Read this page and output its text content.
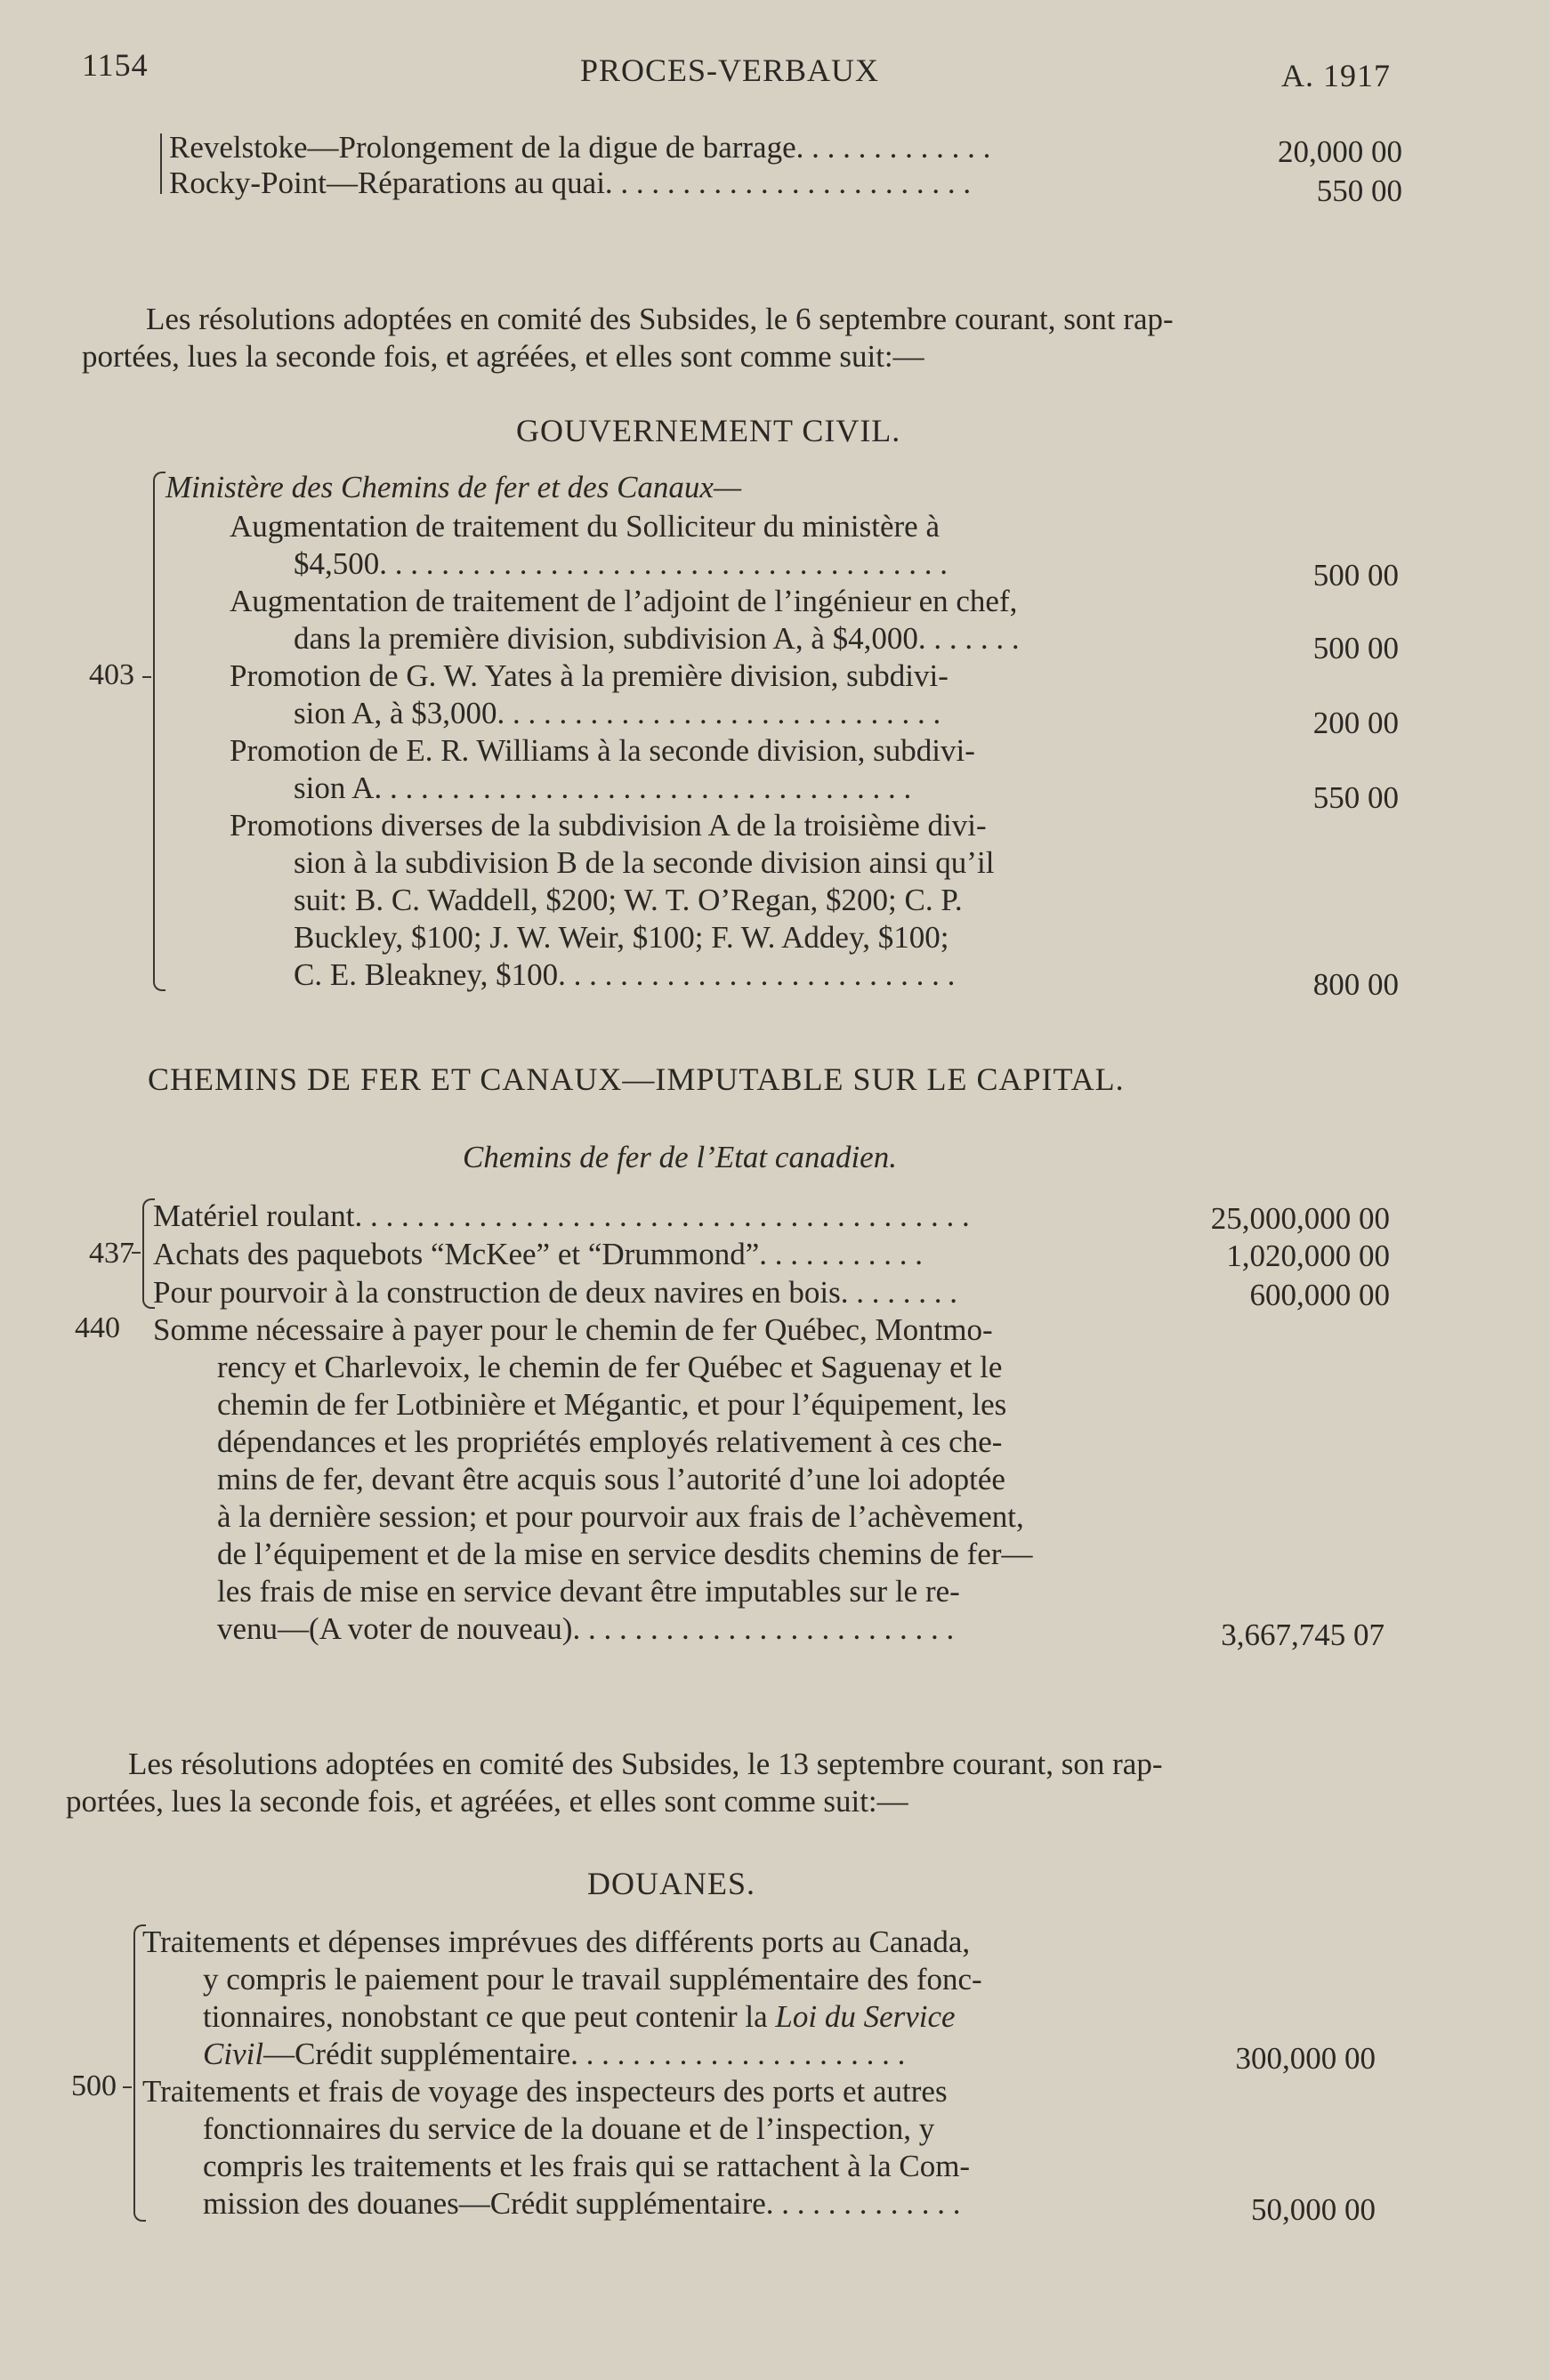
1154	PROCES-VERBAUX	A. 1917
Revelstoke—Prolongement de la digue de barrage. . . . . . . . . . . . .	20,000 00
Rocky-Point—Réparations au quai. . . . . . . . . . . . . . . . . . . . . . . .	550 00
Les résolutions adoptées en comité des Subsides, le 6 septembre courant, sont rap-
portées, lues la seconde fois, et agréées, et elles sont comme suit:—
GOUVERNEMENT CIVIL.
403
Ministère des Chemins de fer et des Canaux—
Augmentation de traitement du Solliciteur du ministère à
$4,500. . . . . . . . . . . . . . . . . . . . . . . . . . . . . . . . . . . . .	500 00
Augmentation de traitement de l’adjoint de l’ingénieur en chef,
dans la première division, subdivision A, à $4,000. . . . . . .	500 00
Promotion de G. W. Yates à la première division, subdivi-
sion A, à $3,000. . . . . . . . . . . . . . . . . . . . . . . . . . . . .	200 00
Promotion de E. R. Williams à la seconde division, subdivi-
sion A. . . . . . . . . . . . . . . . . . . . . . . . . . . . . . . . . . .	550 00
Promotions diverses de la subdivision A de la troisième divi-
sion à la subdivision B de la seconde division ainsi qu’il
suit: B. C. Waddell, $200; W. T. O’Regan, $200; C. P.
Buckley, $100; J. W. Weir, $100; F. W. Addey, $100;
C. E. Bleakney, $100. . . . . . . . . . . . . . . . . . . . . . . . . .	800 00
CHEMINS DE FER ET CANAUX—IMPUTABLE SUR LE CAPITAL.
Chemins de fer de l’Etat canadien.
437
Matériel roulant. . . . . . . . . . . . . . . . . . . . . . . . . . . . . . . . . . . . . . . .	25,000,000 00
Achats des paquebots “McKee” et “Drummond”. . . . . . . . . . .	1,020,000 00
Pour pourvoir à la construction de deux navires en bois. . . . . . . .	600,000 00
440 Somme nécessaire à payer pour le chemin de fer Québec, Montmo-
rency et Charlevoix, le chemin de fer Québec et Saguenay et le
chemin de fer Lotbinière et Mégantic, et pour l’équipement, les
dépendances et les propriétés employés relativement à ces che-
mins de fer, devant être acquis sous l’autorité d’une loi adoptée
à la dernière session; et pour pourvoir aux frais de l’achèvement,
de l’équipement et de la mise en service desdits chemins de fer—
les frais de mise en service devant être imputables sur le re-
venu—(A voter de nouveau). . . . . . . . . . . . . . . . . . . . . . . . .	3,667,745 07
Les résolutions adoptées en comité des Subsides, le 13 septembre courant, son rap-
portées, lues la seconde fois, et agréées, et elles sont comme suit:—
DOUANES.
500
Traitements et dépenses imprévues des différents ports au Canada,
y compris le paiement pour le travail supplémentaire des fonc-
tionnaires, nonobstant ce que peut contenir la Loi du Service
Civil—Crédit supplémentaire. . . . . . . . . . . . . . . . . . . . . .	300,000 00
Traitements et frais de voyage des inspecteurs des ports et autres
fonctionnaires du service de la douane et de l’inspection, y
compris les traitements et les frais qui se rattachent à la Com-
mission des douanes—Crédit supplémentaire. . . . . . . . . . . . .	50,000 00
